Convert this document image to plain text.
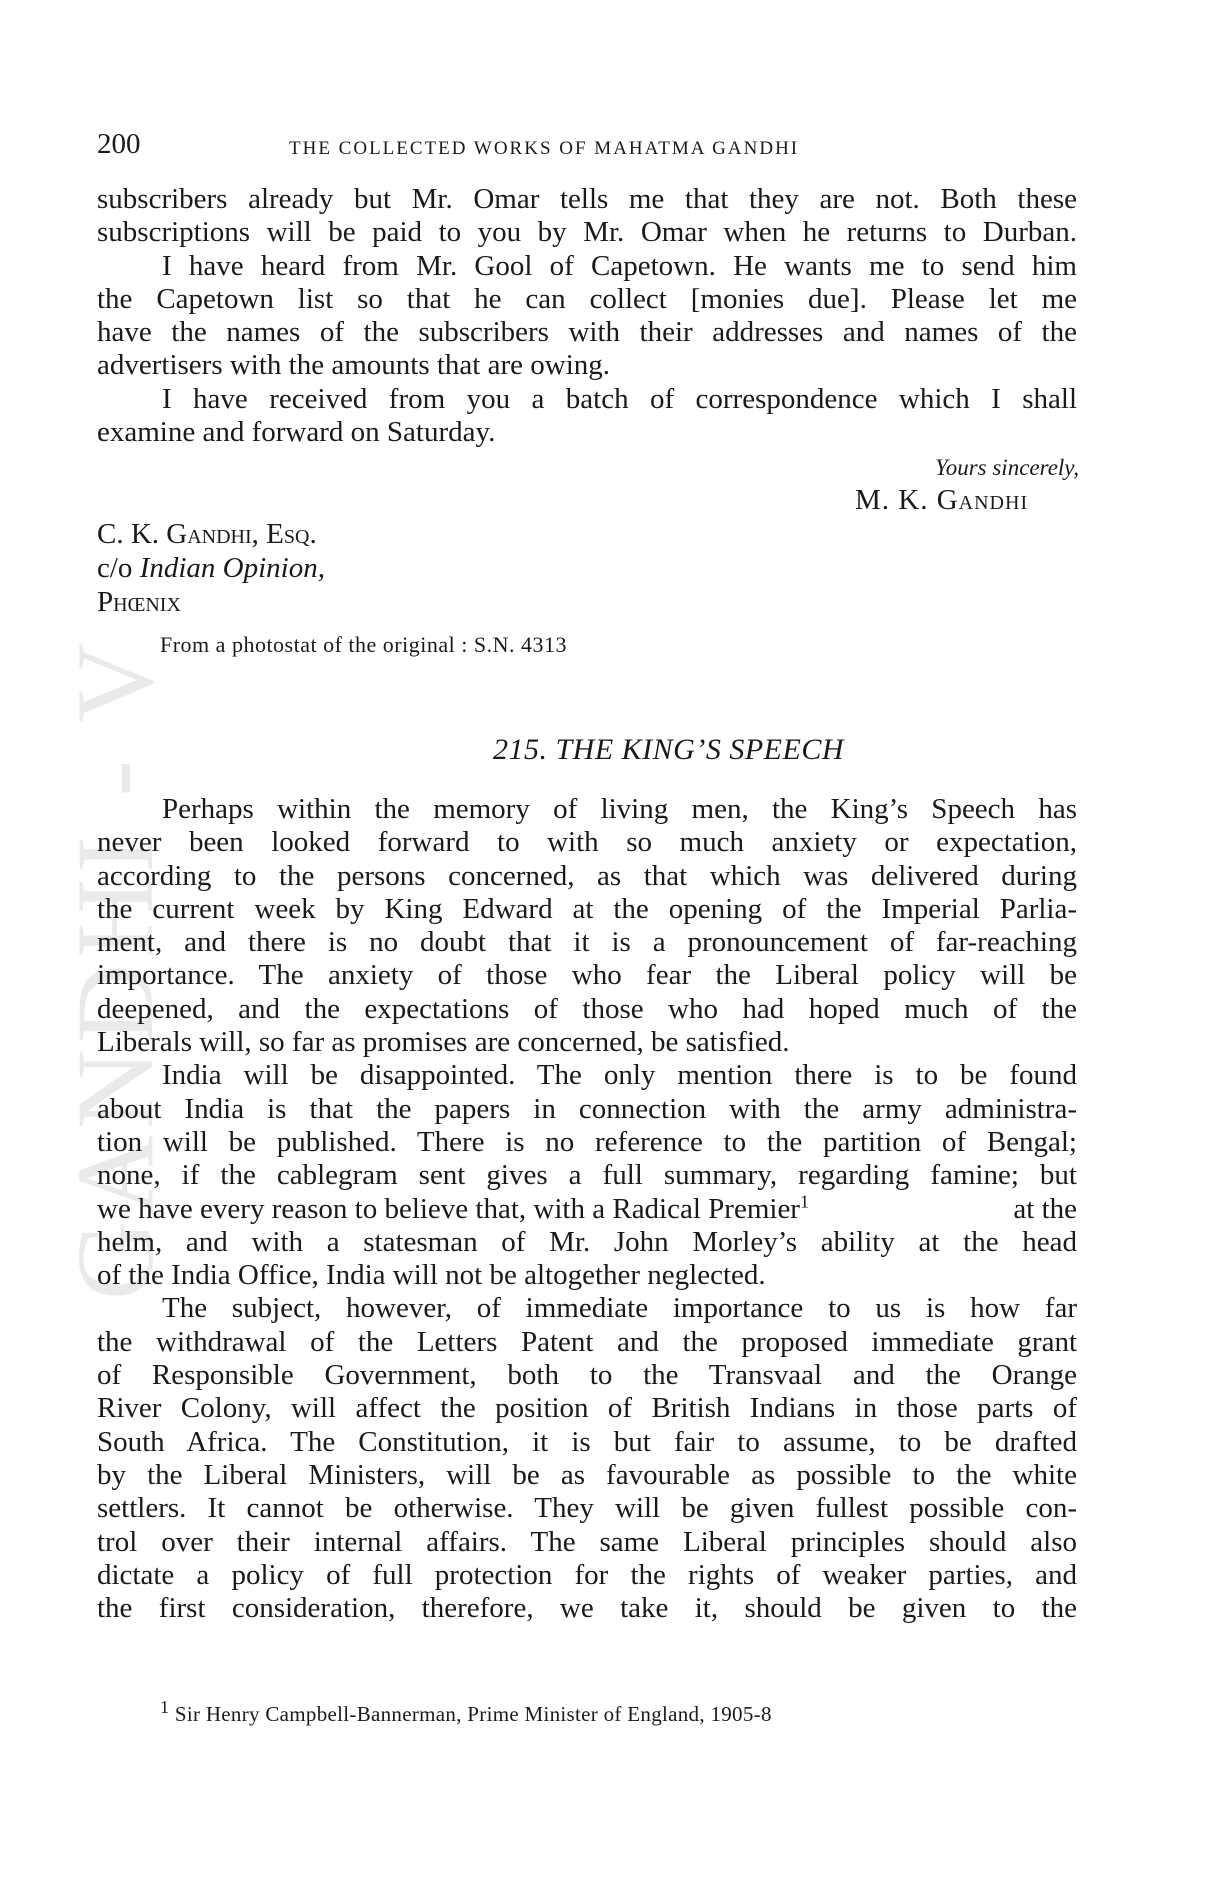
GANDHI - V
200	THE COLLECTED WORKS OF MAHATMA GANDHI

subscribers already but Mr. Omar tells me that they are not. Both these
subscriptions will be paid to you by Mr. Omar when he returns to Durban.

I have heard from Mr. Gool of Capetown. He wants me to send him
the Capetown list so that he can collect [monies due]. Please let me
have the names of the subscribers with their addresses and names of the
advertisers with the amounts that are owing.

I have received from you a batch of correspondence which I shall
examine and forward on Saturday.

Yours sincerely,
M. K. Gandhi
C. K. Gandhi, Esq.
c/o Indian Opinion,
Phœnix
From a photostat of the original : S.N. 4313
215. THE KING’S SPEECH

Perhaps within the memory of living men, the King’s Speech has
never been looked forward to with so much anxiety or expectation,
according to the persons concerned, as that which was delivered during
the current week by King Edward at the opening of the Imperial Parlia-
ment, and there is no doubt that it is a pronouncement of far-reaching
importance. The anxiety of those who fear the Liberal policy will be
deepened, and the expectations of those who had hoped much of the
Liberals will, so far as promises are concerned, be satisfied.

India will be disappointed. The only mention there is to be found
about India is that the papers in connection with the army administra-
tion will be published. There is no reference to the partition of Bengal;
none, if the cablegram sent gives a full summary, regarding famine; but
we have every reason to believe that, with a Radical Premier$^1$	at the
helm, and with a statesman of Mr. John Morley’s ability at the head
of the India Office, India will not be altogether neglected.

The subject, however, of immediate importance to us is how far
the withdrawal of the Letters Patent and the proposed immediate grant
of Responsible Government, both to the Transvaal and the Orange
River Colony, will affect the position of British Indians in those parts of
South Africa. The Constitution, it is but fair to assume, to be drafted
by the Liberal Ministers, will be as favourable as possible to the white
settlers. It cannot be otherwise. They will be given fullest possible con-
trol over their internal affairs. The same Liberal principles should also
dictate a policy of full protection for the rights of weaker parties, and
the first consideration, therefore, we take it, should be given to the

$^1$ Sir Henry Campbell-Bannerman, Prime Minister of England, 1905-8
